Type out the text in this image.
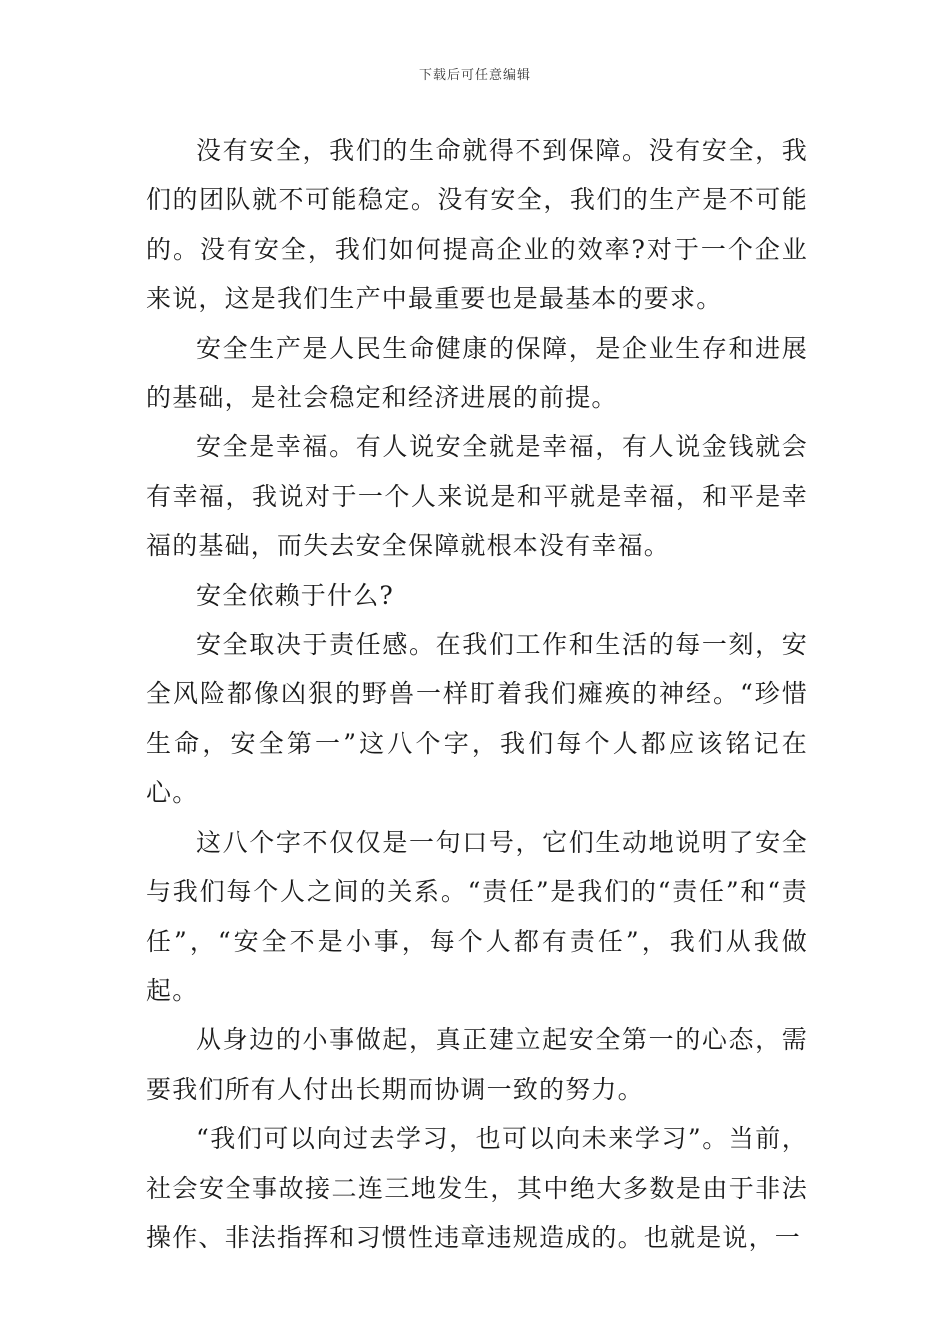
下载后可任意编辑

没有安全，我们的生命就得不到保障。没有安全，我们的团队就不可能稳定。没有安全，我们的生产是不可能的。没有安全，我们如何提高企业的效率?对于一个企业来说，这是我们生产中最重要也是最基本的要求。

安全生产是人民生命健康的保障，是企业生存和进展的基础，是社会稳定和经济进展的前提。

安全是幸福。有人说安全就是幸福，有人说金钱就会有幸福，我说对于一个人来说是和平就是幸福，和平是幸福的基础，而失去安全保障就根本没有幸福。

安全依赖于什么?

安全取决于责任感。在我们工作和生活的每一刻，安全风险都像凶狠的野兽一样盯着我们瘫痪的神经。“珍惜生命，安全第一”这八个字，我们每个人都应该铭记在心。

这八个字不仅仅是一句口号，它们生动地说明了安全与我们每个人之间的关系。“责任”是我们的“责任”和“责任”，“安全不是小事，每个人都有责任”，我们从我做起。

从身边的小事做起，真正建立起安全第一的心态，需要我们所有人付出长期而协调一致的努力。

“我们可以向过去学习，也可以向未来学习”。当前，社会安全事故接二连三地发生，其中绝大多数是由于非法操作、非法指挥和习惯性违章违规造成的。也就是说，一
